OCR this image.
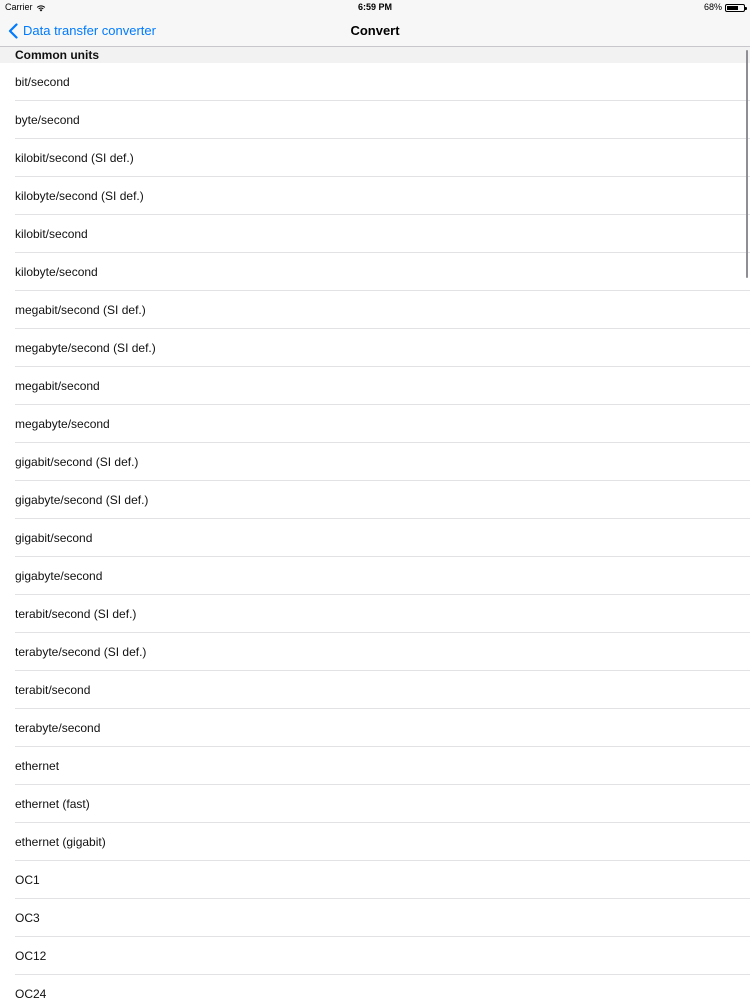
Carrier	6:59 PM	68%
Data transfer converter	Convert
Common units
bit/second
byte/second
kilobit/second (SI def.)
kilobyte/second (SI def.)
kilobit/second
kilobyte/second
megabit/second (SI def.)
megabyte/second (SI def.)
megabit/second
megabyte/second
gigabit/second (SI def.)
gigabyte/second (SI def.)
gigabit/second
gigabyte/second
terabit/second (SI def.)
terabyte/second (SI def.)
terabit/second
terabyte/second
ethernet
ethernet (fast)
ethernet (gigabit)
OC1
OC3
OC12
OC24
